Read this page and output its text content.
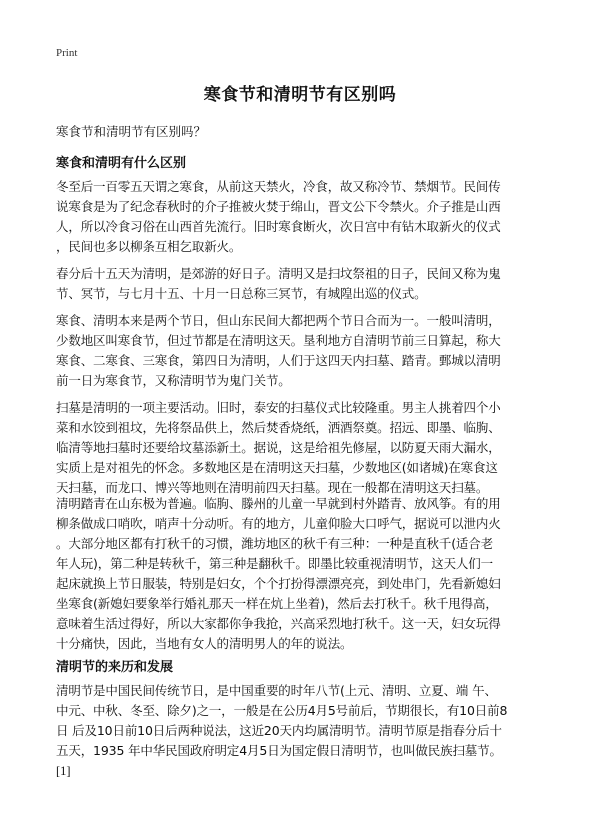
Print
寒食节和清明节有区别吗
寒食节和清明节有区别吗？
寒食和清明有什么区别

冬至后一百零五天谓之寒食，从前这天禁火，冷食，故又称冷节、禁烟节。民间传

说寒食是为了纪念春秋时的介子推被火焚于绵山，晋文公下令禁火。介子推是山西

人，所以冷食习俗在山西首先流行。旧时寒食断火，次日宫中有钻木取新火的仪式

，民间也多以柳条互相乞取新火。

春分后十五天为清明，是郊游的好日子。清明又是扫坟祭祖的日子，民间又称为鬼

节、冥节，与七月十五、十月一日总称三冥节，有城隍出巡的仪式。

寒食、清明本来是两个节日，但山东民间大都把两个节日合而为一。一般叫清明，

少数地区叫寒食节，但过节都是在清明这天。垦利地方自清明节前三日算起，称大

寒食、二寒食、三寒食，第四日为清明，人们于这四天内扫墓、踏青。鄄城以清明

前一日为寒食节，又称清明节为鬼门关节。

扫墓是清明的一项主要活动。旧时，泰安的扫墓仪式比较隆重。男主人挑着四个小

菜和水饺到祖坟，先将祭品供上，然后焚香烧纸，洒酒祭奠。招远、即墨、临朐、

临清等地扫墓时还要给坟墓添新土。据说，这是给祖先修屋，以防夏天雨大漏水，

实质上是对祖先的怀念。多数地区是在清明这天扫墓，少数地区(如诸城)在寒食这

天扫墓，而龙口、博兴等地则在清明前四天扫墓。现在一般都在清明这天扫墓。

清明踏青在山东极为普遍。临朐、滕州的儿童一早就到村外踏青、放风筝。有的用

柳条做成口哨吹，哨声十分动听。有的地方，儿童仰脸大口呼气，据说可以泄内火

。大部分地区都有打秋千的习惯，潍坊地区的秋千有三种：一种是直秋千(适合老

年人玩)，第二种是转秋千，第三种是翻秋千。即墨比较重视清明节，这天人们一

起床就换上节日服装，特别是妇女，个个打扮得漂漂亮亮，到处串门，先看新媳妇

坐寒食(新媳妇要象举行婚礼那天一样在炕上坐着)，然后去打秋千。秋千甩得高，

意味着生活过得好，所以大家都你争我抢，兴高采烈地打秋千。这一天，妇女玩得

十分痛快，因此，当地有女人的清明男人的年的说法。

清明节的来历和发展

清明节是中国民间传统节日，是中国重要的时年八节(上元、清明、立夏、端 午、

中元、中秋、冬至、除夕)之一，一般是在公历4月5号前后，节期很长，有10日前8

日 后及10日前10日后两种说法，这近20天内均属清明节。清明节原是指春分后十

五天，1935 年中华民国政府明定4月5日为国定假日清明节，也叫做民族扫墓节。

[1]
